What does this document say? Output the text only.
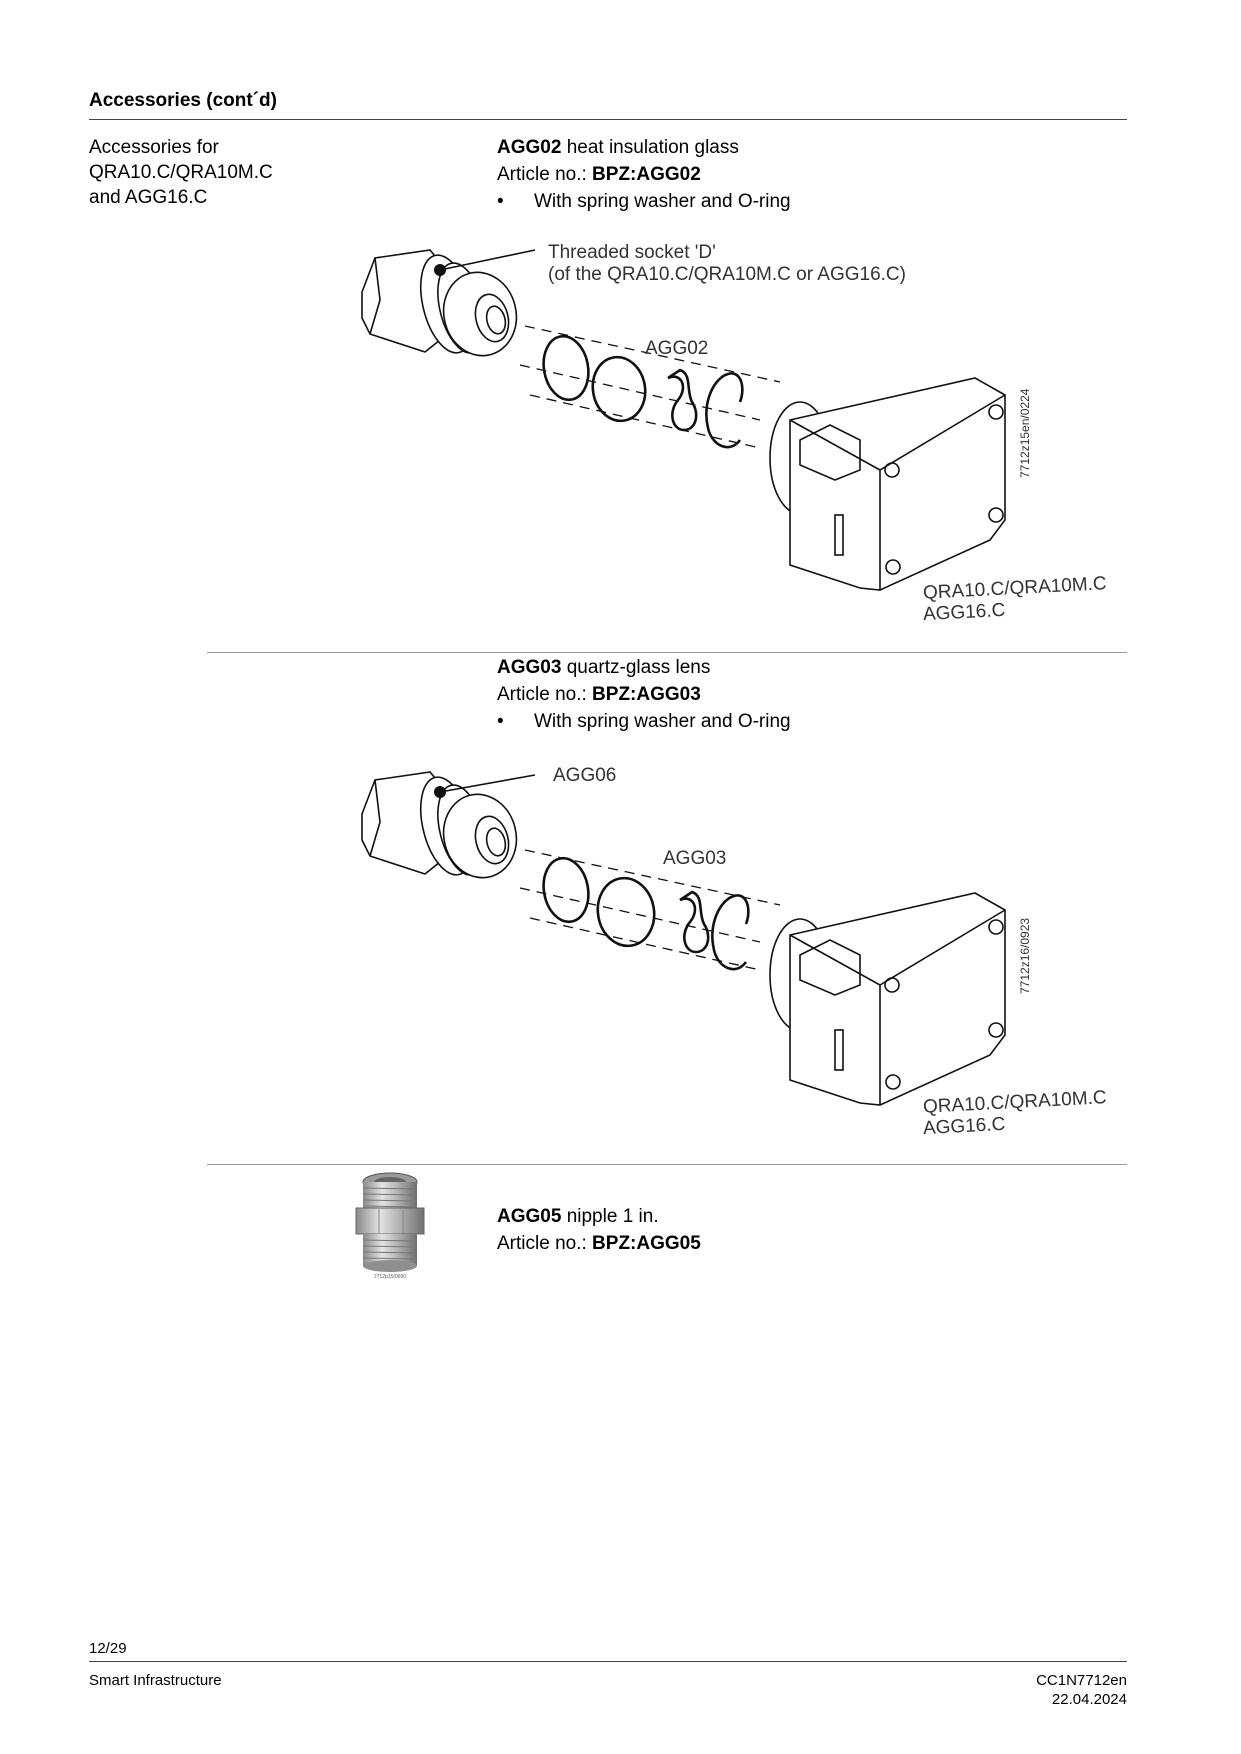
Accessories (cont´d)
Accessories for
QRA10.C/QRA10M.C
and AGG16.C
AGG02 heat insulation glass
Article no.: BPZ:AGG02
•	With spring washer and O-ring
Threaded socket 'D'
(of the QRA10.C/QRA10M.C or AGG16.C)
AGG02
QRA10.C/QRA10M.C
AGG16.C
7712z15en/0224
AGG03 quartz-glass lens
Article no.: BPZ:AGG03
•	With spring washer and O-ring
AGG06
AGG03
QRA10.C/QRA10M.C
AGG16.C
7712z16/0923
7712p15/0690
AGG05 nipple 1 in.
Article no.: BPZ:AGG05
12/29
Smart Infrastructure	CC1N7712en
22.04.2024
